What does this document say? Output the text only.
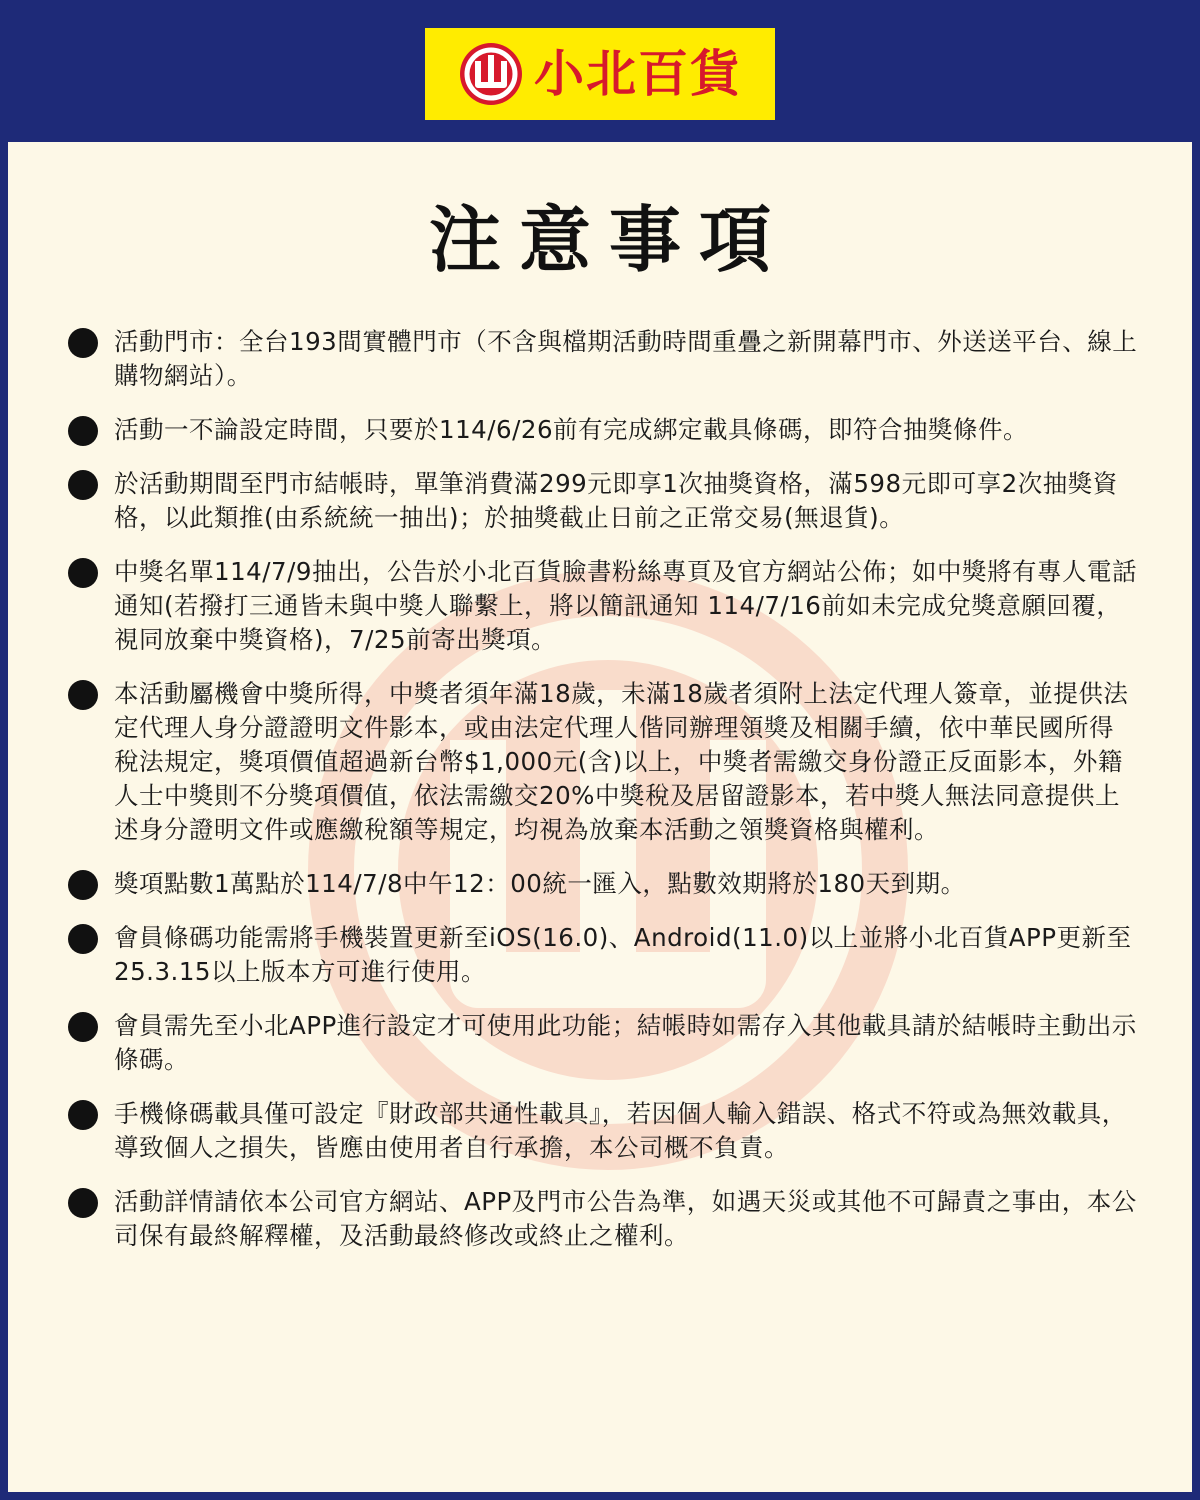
小北百貨
注意事項
活動門市：全台193間實體門市（不含與檔期活動時間重疊之新開幕門市、外送送平台、線上購物網站）。
活動一不論設定時間，只要於114/6/26前有完成綁定載具條碼，即符合抽獎條件。
於活動期間至門市結帳時，單筆消費滿299元即享1次抽獎資格，滿598元即可享2次抽獎資格，以此類推(由系統統一抽出)；於抽獎截止日前之正常交易(無退貨)。
中獎名單114/7/9抽出，公告於小北百貨臉書粉絲專頁及官方網站公佈；如中獎將有專人電話通知(若撥打三通皆未與中獎人聯繫上，將以簡訊通知 114/7/16前如未完成兌獎意願回覆，視同放棄中獎資格)，7/25前寄出獎項。
本活動屬機會中獎所得，中獎者須年滿18歲，未滿18歲者須附上法定代理人簽章，並提供法定代理人身分證證明文件影本，或由法定代理人偕同辦理領獎及相關手續，依中華民國所得稅法規定，獎項價值超過新台幣$1,000元(含)以上，中獎者需繳交身份證正反面影本，外籍人士中獎則不分獎項價值，依法需繳交20%中獎稅及居留證影本，若中獎人無法同意提供上述身分證明文件或應繳稅額等規定，均視為放棄本活動之領獎資格與權利。
獎項點數1萬點於114/7/8中午12：00統一匯入，點數效期將於180天到期。
會員條碼功能需將手機裝置更新至iOS(16.0)、Android(11.0)以上並將小北百貨APP更新至25.3.15以上版本方可進行使用。
會員需先至小北APP進行設定才可使用此功能；結帳時如需存入其他載具請於結帳時主動出示條碼。
手機條碼載具僅可設定『財政部共通性載具』，若因個人輸入錯誤、格式不符或為無效載具，導致個人之損失，皆應由使用者自行承擔，本公司概不負責。
活動詳情請依本公司官方網站、APP及門市公告為準，如遇天災或其他不可歸責之事由，本公司保有最終解釋權，及活動最終修改或終止之權利。
